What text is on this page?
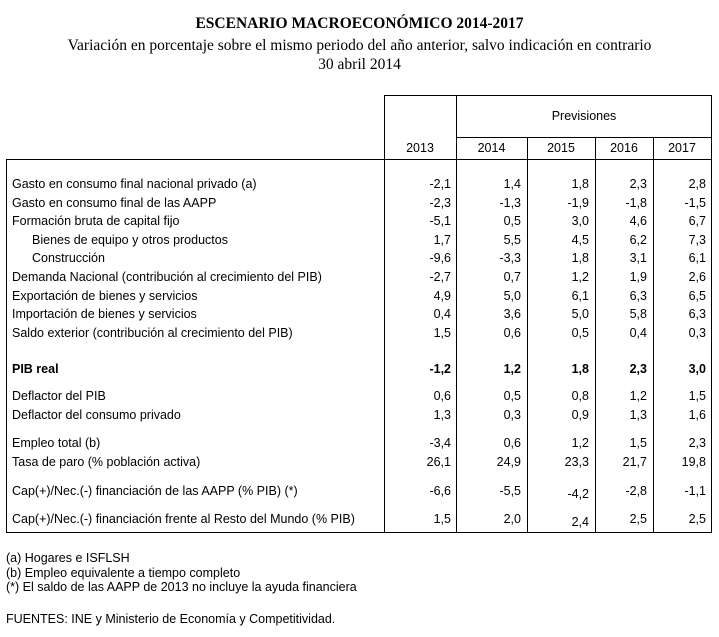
ESCENARIO MACROECONÓMICO 2014-2017
Variación en porcentaje sobre el mismo periodo del año anterior, salvo indicación en contrario
30 abril 2014
Previsiones
2013	2014	2015	2016	2017
Gasto en consumo final nacional privado (a)	-2,1	1,4	1,8	2,3	2,8
Gasto en consumo final de las AAPP	-2,3	-1,3	-1,9	-1,8	-1,5
Formación bruta de capital fijo	-5,1	0,5	3,0	4,6	6,7
Bienes de equipo y otros productos	1,7	5,5	4,5	6,2	7,3
Construcción	-9,6	-3,3	1,8	3,1	6,1
Demanda Nacional (contribución al crecimiento del PIB)	-2,7	0,7	1,2	1,9	2,6
Exportación de bienes y servicios	4,9	5,0	6,1	6,3	6,5
Importación de bienes y servicios	0,4	3,6	5,0	5,8	6,3
Saldo exterior (contribución al crecimiento del PIB)	1,5	0,6	0,5	0,4	0,3
PIB real	-1,2	1,2	1,8	2,3	3,0
Deflactor del PIB	0,6	0,5	0,8	1,2	1,5
Deflactor del consumo privado	1,3	0,3	0,9	1,3	1,6
Empleo total (b)	-3,4	0,6	1,2	1,5	2,3
Tasa de paro (% población activa)	26,1	24,9	23,3	21,7	19,8
Cap(+)/Nec.(-) financiación de las AAPP (% PIB) (*)	-6,6	-5,5	-4,2	-2,8	-1,1
Cap(+)/Nec.(-) financiación frente al Resto del Mundo (% PIB)	1,5	2,0	2,4	2,5	2,5
(a) Hogares e ISFLSH
(b) Empleo equivalente a tiempo completo
(*) El saldo de las AAPP de 2013 no incluye la ayuda financiera
FUENTES: INE y Ministerio de Economía y Competitividad.
